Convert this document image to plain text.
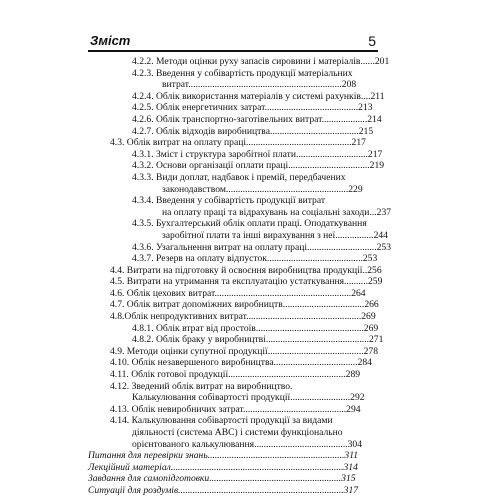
Зміст	5
4.2.2. Методи оцінки руху запасів сировини і матеріалів......201
4.2.3. Введення у собівартість продукції матеріальних
витрат................................................................208
4.2.4. Облік використання матеріалів у системі рахунків....211
4.2.5. Облік енергетичних затрат.......................................213
4.2.6. Облік транспортно-заготівельних витрат...................214
4.2.7. Облік відходів виробництва.....................................215
4.3. Облік витрат на оплату праці............................................217
4.3.1. Зміст і структура заробітної плати..............................217
4.3.2. Основи організації оплати праці..................................219
4.3.3. Види доплат, надбавок і премій, передбачених
законодавством...................................................229
4.3.4. Введення у собівартість продукції витрат
на оплату праці та відрахувань на соціальні заходи...237
4.3.5. Бухгалтерський облік оплати праці. Оподаткування
заробітної плати та інші вирахування з неї................244
4.3.6. Узагальнення витрат на оплату праці.............................253
4.3.7. Резерв на оплату відпусток........................................253
4.4. Витрати на підготовку й освоєння виробництва продукції..256
4.5. Витрати на утримання та експлуатацію устаткування..........259
4.6. Облік цехових витрат.........................................................264
4.7. Облік витрат допоміжних виробництв..................................266
4.8.Облік непродуктивних витрат................................................269
4.8.1. Облік втрат від простоїв.............................................269
4.8.2. Облік браку у виробництві...........................................271
4.9. Методи оцінки супутної продукції........................................278
4.10. Облік незавершеного виробництва...................................284
4.11. Облік готової продукції.................................................289
4.12. Зведений облік витрат на виробництво.
Калькулювання собівартості продукції.........................292
4.13. Облік невиробничих затрат...........................................294
4.14. Калькулювання собівартості продукції за видами
діяльності (система ABC) і системи функціонально
орієнтованого калькулювання.......................................304
Питання для перевірки знань.........................................................311
Лекційний матеріал........................................................................314
Завдання для самопідготовки.......................................................315
Ситуації для роздумів.....................................................................317
